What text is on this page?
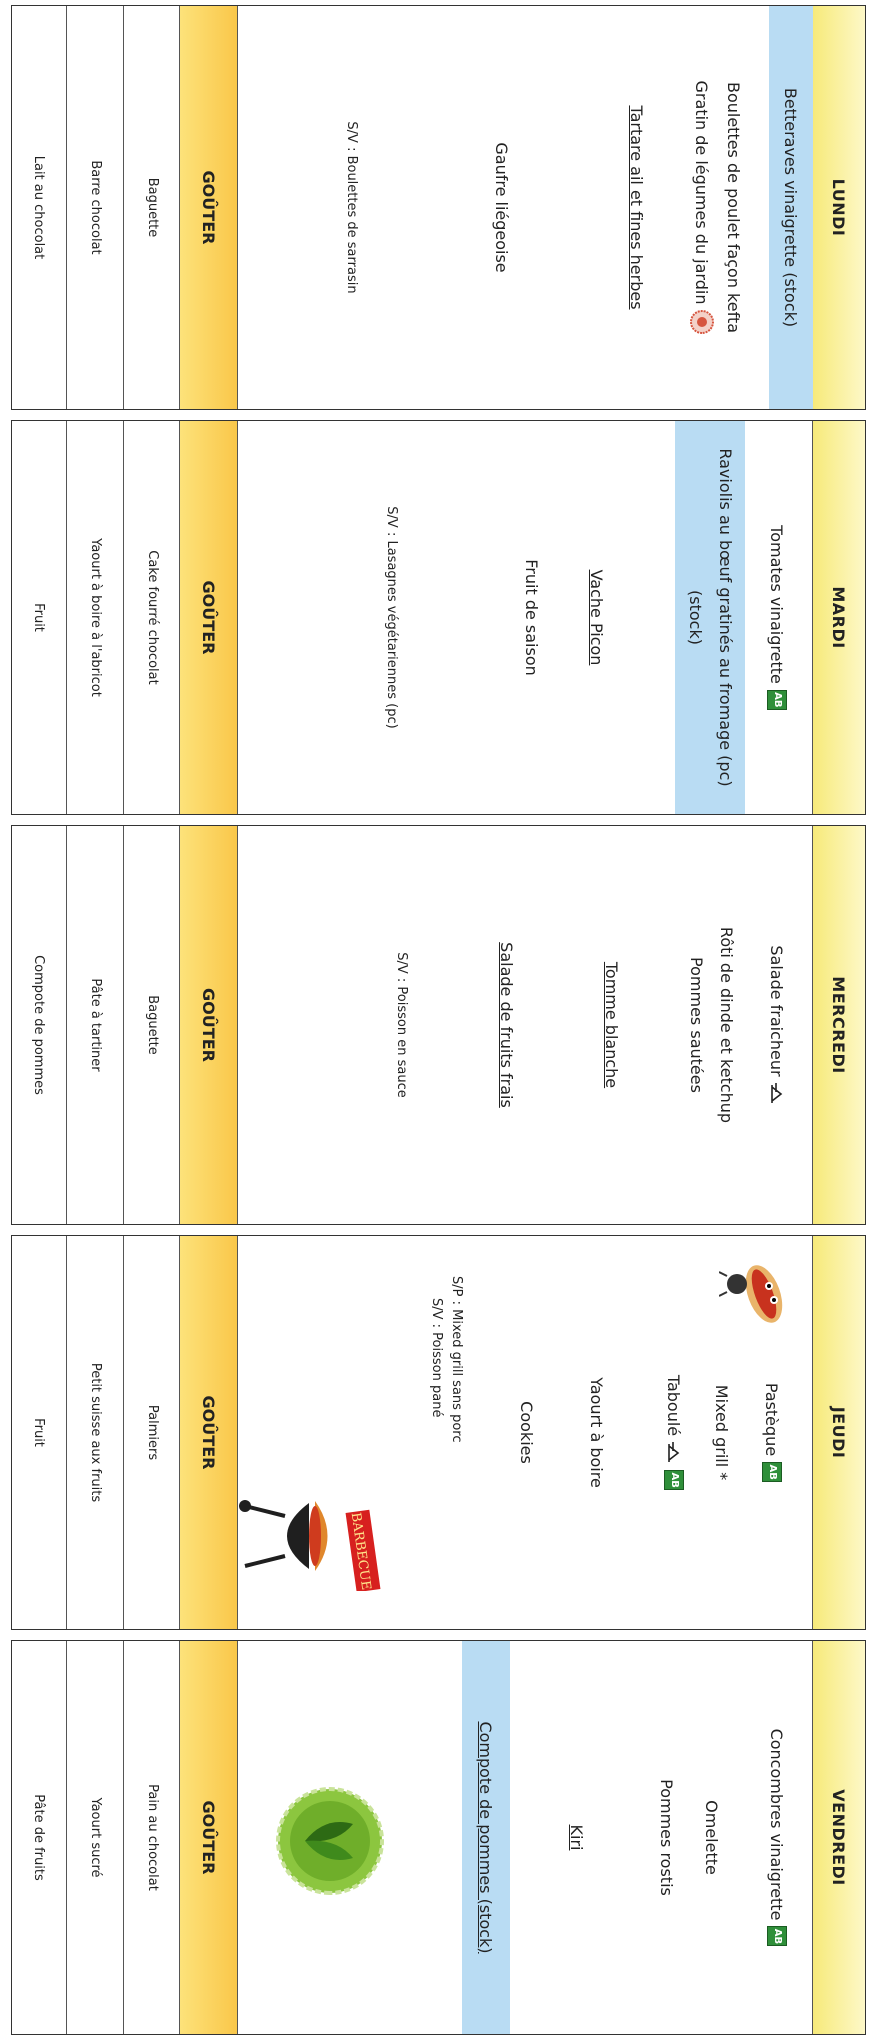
LUNDI
Betteraves vinaigrette (stock)
Boulettes de poulet façon kefta
Gratin de légumes du jardin
Tartare ail et fines herbes
Gaufre liégeoise
S/V : Boulettes de sarrasin
GOÛTER
Baguette
Barre chocolat
Lait au chocolat
MARDI
Tomates vinaigrette
AB
Raviolis au bœuf gratinés au fromage (pc)
(stock)
Vache Picon
Fruit de saison
S/V : Lasagnes végétariennes (pc)
GOÛTER
Cake fourré chocolat
Yaourt à boire à l'abricot
Fruit
MERCREDI
Salade fraicheur
Rôti de dinde et ketchup
Pommes sautées
Tomme blanche
Salade de fruits frais
S/V : Poisson en sauce
GOÛTER
Baguette
Pâte à tartiner
Compote de pommes
JEUDI
Pastèque
AB
Mixed grill *
Taboulé
AB
Yaourt à boire
Cookies
S/P : Mixed grill sans porc
S/V : Poisson pané
BARBECUE
GOÛTER
Palmiers
Petit suisse aux fruits
Fruit
VENDREDI
Concombres vinaigrette
AB
Omelette
Pommes rostis
Kiri
Compote de pommes (stock)
GOÛTER
Pain au chocolat
Yaourt sucré
Pâte de fruits
